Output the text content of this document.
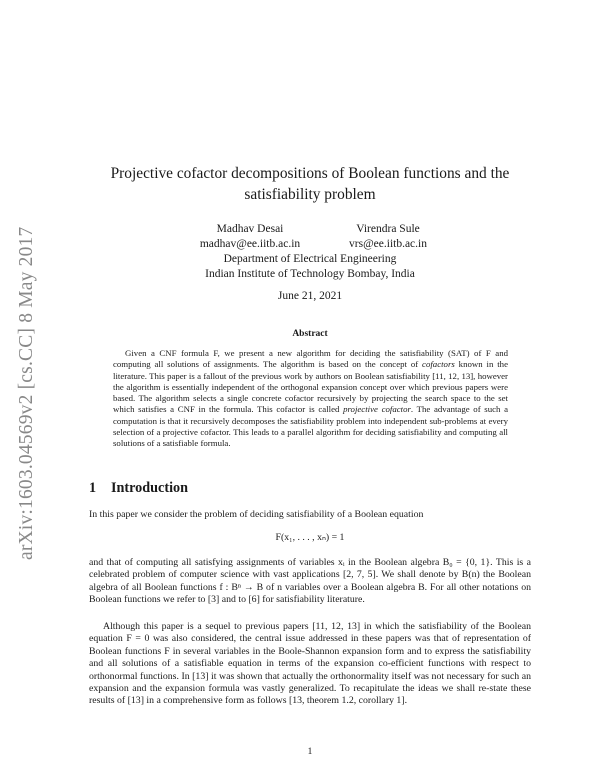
arXiv:1603.04569v2 [cs.CC] 8 May 2017
Projective cofactor decompositions of Boolean functions and the satisfiability problem
Madhav Desai
madhav@ee.iitb.ac.in
Virendra Sule
vrs@ee.iitb.ac.in
Department of Electrical Engineering
Indian Institute of Technology Bombay, India
June 21, 2021
Abstract
Given a CNF formula F, we present a new algorithm for deciding the satisfiability (SAT) of F and computing all solutions of assignments. The algorithm is based on the concept of cofactors known in the literature. This paper is a fallout of the previous work by authors on Boolean satisfiability [11, 12, 13], however the algorithm is essentially independent of the orthogonal expansion concept over which previous papers were based. The algorithm selects a single concrete cofactor recursively by projecting the search space to the set which satisfies a CNF in the formula. This cofactor is called projective cofactor. The advantage of such a computation is that it recursively decomposes the satisfiability problem into independent sub-problems at every selection of a projective cofactor. This leads to a parallel algorithm for deciding satisfiability and computing all solutions of a satisfiable formula.
1 Introduction
In this paper we consider the problem of deciding satisfiability of a Boolean equation
F(x₁, . . . , xₙ) = 1
and that of computing all satisfying assignments of variables xᵢ in the Boolean algebra B₀ = {0, 1}. This is a celebrated problem of computer science with vast applications [2, 7, 5]. We shall denote by B(n) the Boolean algebra of all Boolean functions f : Bⁿ → B of n variables over a Boolean algebra B. For all other notations on Boolean functions we refer to [3] and to [6] for satisfiability literature.
Although this paper is a sequel to previous papers [11, 12, 13] in which the satisfiability of the Boolean equation F = 0 was also considered, the central issue addressed in these papers was that of representation of Boolean functions F in several variables in the Boole-Shannon expansion form and to express the satisfiability and all solutions of a satisfiable equation in terms of the expansion co-efficient functions with respect to orthonormal functions. In [13] it was shown that actually the orthonormality itself was not necessary for such an expansion and the expansion formula was vastly generalized. To recapitulate the ideas we shall re-state these results of [13] in a comprehensive form as follows [13, theorem 1.2, corollary 1].
1
